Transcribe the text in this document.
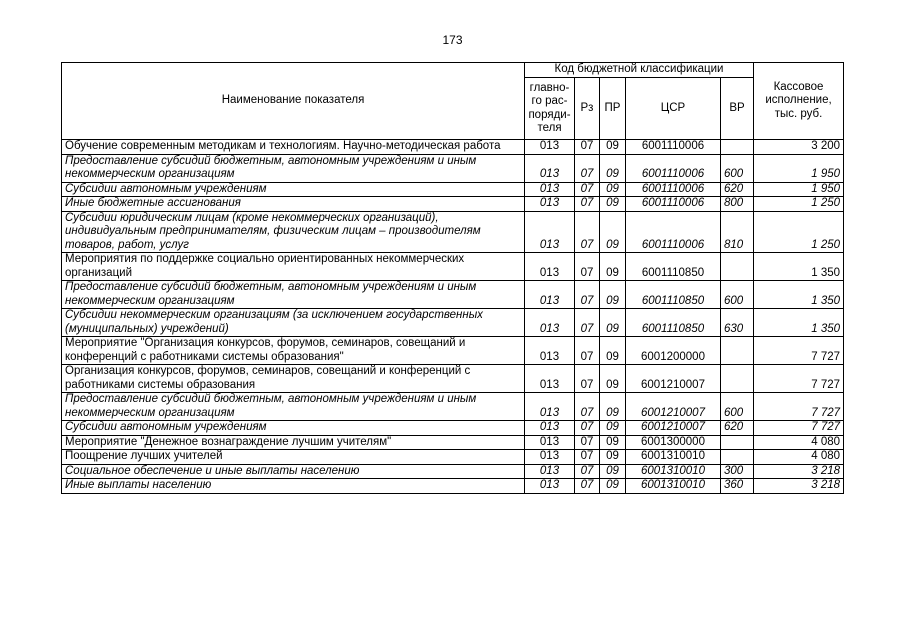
173
Наименование показателя	Код бюджетной классификации					Кассовое исполнение, тыс. руб.
	главно-го рас-поряди-теля	Рз	ПР	ЦСР	ВР	
Обучение современным методикам и технологиям. Научно-методическая работа	013	07	09	6001110006		3 200
Предоставление субсидий бюджетным, автономным учреждениям и иным некоммерческим организациям	013	07	09	6001110006	600	1 950
Субсидии автономным учреждениям	013	07	09	6001110006	620	1 950
Иные бюджетные ассигнования	013	07	09	6001110006	800	1 250
Субсидии юридическим лицам (кроме некоммерческих организаций), индивидуальным предпринимателям, физическим лицам – производителям товаров, работ, услуг	013	07	09	6001110006	810	1 250
Мероприятия по поддержке социально ориентированных некоммерческих организаций	013	07	09	6001110850		1 350
Предоставление субсидий бюджетным, автономным учреждениям и иным некоммерческим организациям	013	07	09	6001110850	600	1 350
Субсидии некоммерческим организациям (за исключением государственных (муниципальных) учреждений)	013	07	09	6001110850	630	1 350
Мероприятие "Организация конкурсов, форумов, семинаров, совещаний и конференций с работниками системы образования"	013	07	09	6001200000		7 727
Организация конкурсов, форумов, семинаров, совещаний и конференций с работниками системы образования	013	07	09	6001210007		7 727
Предоставление субсидий бюджетным, автономным учреждениям и иным некоммерческим организациям	013	07	09	6001210007	600	7 727
Субсидии автономным учреждениям	013	07	09	6001210007	620	7 727
Мероприятие "Денежное вознаграждение лучшим учителям"	013	07	09	6001300000		4 080
Поощрение лучших учителей	013	07	09	6001310010		4 080
Социальное обеспечение и иные выплаты населению	013	07	09	6001310010	300	3 218
Иные выплаты населению	013	07	09	6001310010	360	3 218
